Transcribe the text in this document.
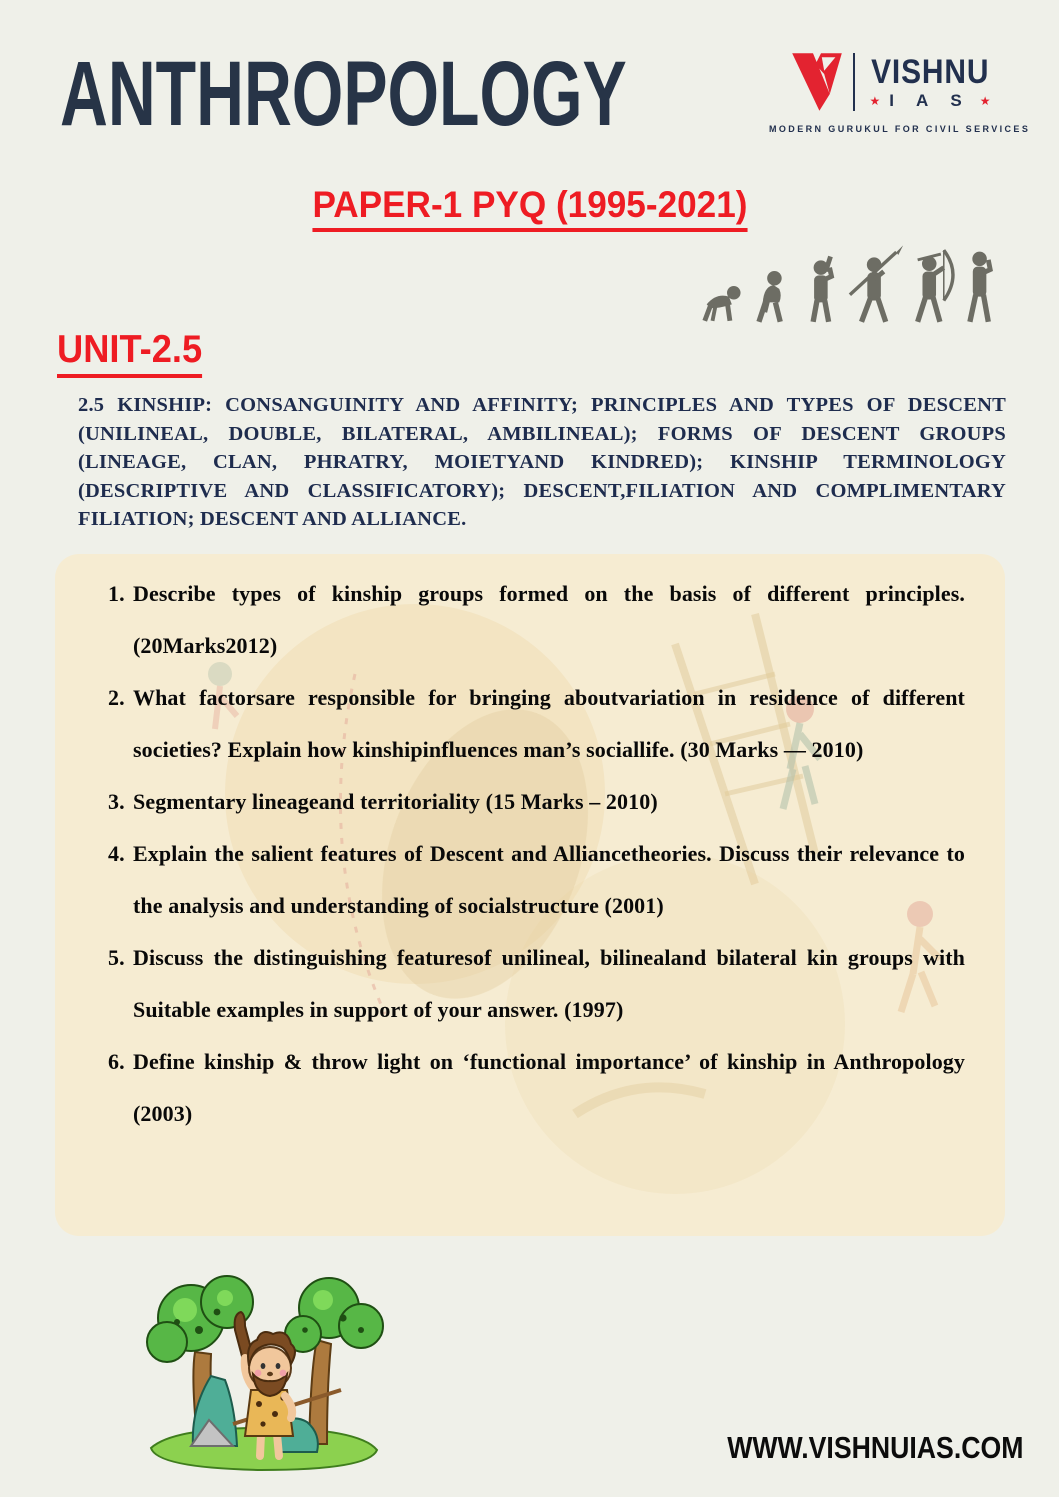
ANTHROPOLOGY	VISHNU
★ I A S ★
MODERN GURUKUL FOR CIVIL SERVICES
PAPER-1 PYQ (1995-2021)
UNIT-2.5

2.5 KINSHIP: CONSANGUINITY AND AFFINITY; PRINCIPLES AND TYPES OF DESCENT (UNILINEAL, DOUBLE, BILATERAL, AMBILINEAL); FORMS OF DESCENT GROUPS (LINEAGE, CLAN, PHRATRY, MOIETYAND KINDRED); KINSHIP TERMINOLOGY (DESCRIPTIVE AND CLASSIFICATORY); DESCENT,FILIATION AND COMPLIMENTARY FILIATION; DESCENT AND ALLIANCE.

1. Describe types of kinship groups formed on the basis of different principles. (20Marks2012)
2. What factorsare responsible for bringing aboutvariation in residence of different societies? Explain how kinshipinfluences man’s sociallife. (30 Marks — 2010)
3. Segmentary lineageand territoriality (15 Marks – 2010)
4. Explain the salient features of Descent and Alliancetheories. Discuss their relevance to the analysis and understanding of socialstructure (2001)
5. Discuss the distinguishing featuresof unilineal, bilinealand bilateral kin groups with Suitable examples in support of your answer. (1997)
6. Define kinship & throw light on ‘functional importance’ of kinship in Anthropology (2003)
WWW.VISHNUIAS.COM
